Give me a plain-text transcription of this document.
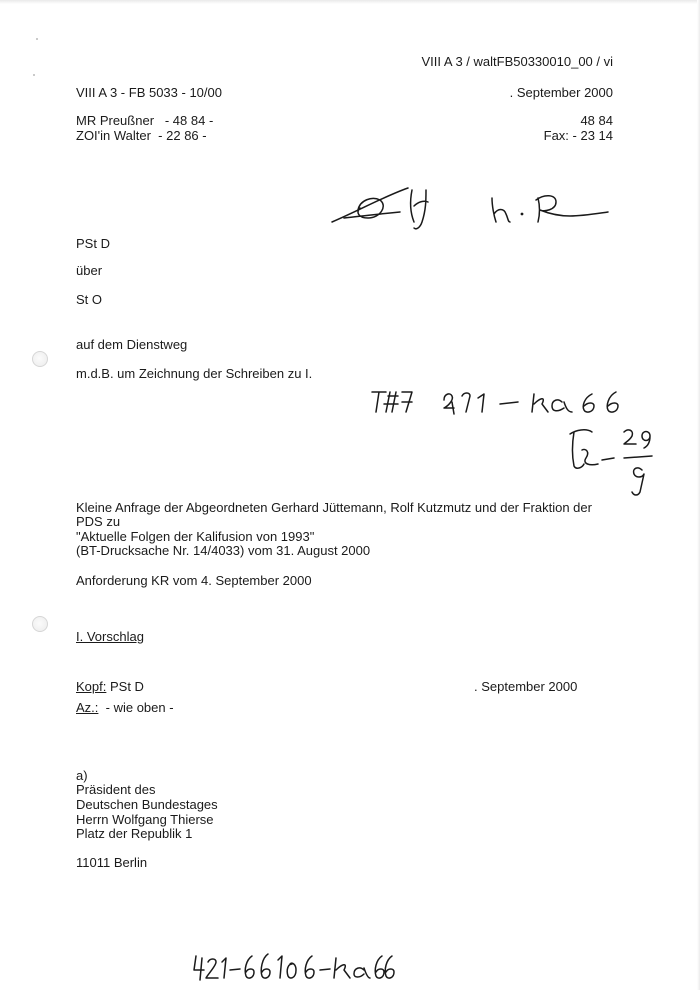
VIII A 3 / waltFB50330010_00 / vi
VIII A 3 - FB 5033 - 10/00	. September 2000
MR Preußner   - 48 84 -	48 84
ZOI'in Walter  - 22 86 -	Fax: - 23 14
PSt D
über
St O
auf dem Dienstweg
m.d.B. um Zeichnung der Schreiben zu I.
Kleine Anfrage der Abgeordneten Gerhard Jüttemann, Rolf Kutzmutz und der Fraktion der
PDS zu
"Aktuelle Folgen der Kalifusion von 1993"
(BT-Drucksache Nr. 14/4033) vom 31. August 2000
Anforderung KR vom 4. September 2000
I. Vorschlag
Kopf: PSt D	. September 2000
Az.:  - wie oben -
a)
Präsident des
Deutschen Bundestages
Herrn Wolfgang Thierse
Platz der Republik 1
11011 Berlin
